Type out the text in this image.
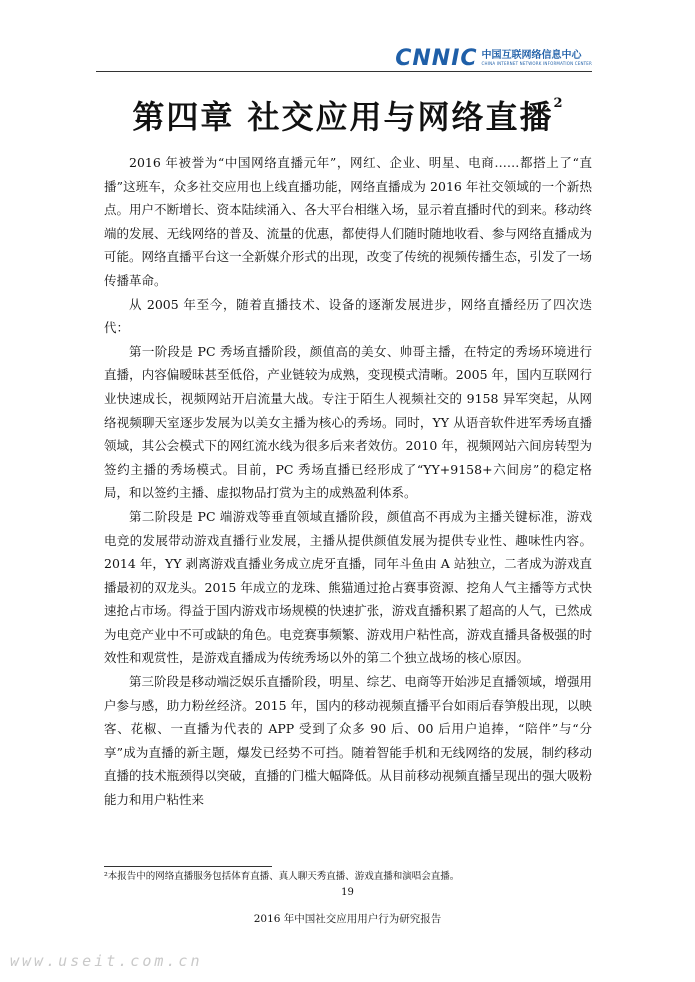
CNNIC 中国互联网络信息中心
CHINA INTERNET NETWORK INFORMATION CENTER
第四章 社交应用与网络直播$^2$

2016 年被誉为“中国网络直播元年”，网红、企业、明星、电商……都搭上了“直播”这班车，众多社交应用也上线直播功能，网络直播成为 2016 年社交领域的一个新热点。用户不断增长、资本陆续涌入、各大平台相继入场，显示着直播时代的到来。移动终端的发展、无线网络的普及、流量的优惠，都使得人们随时随地收看、参与网络直播成为可能。网络直播平台这一全新媒介形式的出现，改变了传统的视频传播生态，引发了一场传播革命。

从 2005 年至今，随着直播技术、设备的逐渐发展进步，网络直播经历了四次迭代：

第一阶段是 PC 秀场直播阶段，颜值高的美女、帅哥主播，在特定的秀场环境进行直播，内容偏暧昧甚至低俗，产业链较为成熟，变现模式清晰。2005 年，国内互联网行业快速成长，视频网站开启流量大战。专注于陌生人视频社交的 9158 异军突起，从网络视频聊天室逐步发展为以美女主播为核心的秀场。同时，YY 从语音软件进军秀场直播领域，其公会模式下的网红流水线为很多后来者效仿。2010 年，视频网站六间房转型为签约主播的秀场模式。目前，PC 秀场直播已经形成了“YY+9158+六间房”的稳定格局，和以签约主播、虚拟物品打赏为主的成熟盈利体系。

第二阶段是 PC 端游戏等垂直领域直播阶段，颜值高不再成为主播关键标准，游戏电竞的发展带动游戏直播行业发展，主播从提供颜值发展为提供专业性、趣味性内容。2014 年，YY 剥离游戏直播业务成立虎牙直播，同年斗鱼由 A 站独立，二者成为游戏直播最初的双龙头。2015 年成立的龙珠、熊猫通过抢占赛事资源、挖角人气主播等方式快速抢占市场。得益于国内游戏市场规模的快速扩张，游戏直播积累了超高的人气，已然成为电竞产业中不可或缺的角色。电竞赛事频繁、游戏用户粘性高，游戏直播具备极强的时效性和观赏性，是游戏直播成为传统秀场以外的第二个独立战场的核心原因。

第三阶段是移动端泛娱乐直播阶段，明星、综艺、电商等开始涉足直播领域，增强用户参与感，助力粉丝经济。2015 年，国内的移动视频直播平台如雨后春笋般出现，以映客、花椒、一直播为代表的 APP 受到了众多 90 后、00 后用户追捧，“陪伴”与“分享”成为直播的新主题，爆发已经势不可挡。随着智能手机和无线网络的发展，制约移动直播的技术瓶颈得以突破，直播的门槛大幅降低。从目前移动视频直播呈现出的强大吸粉能力和用户粘性来

²本报告中的网络直播服务包括体育直播、真人聊天秀直播、游戏直播和演唱会直播。
19
2016 年中国社交应用用户行为研究报告
www.useit.com.cn
